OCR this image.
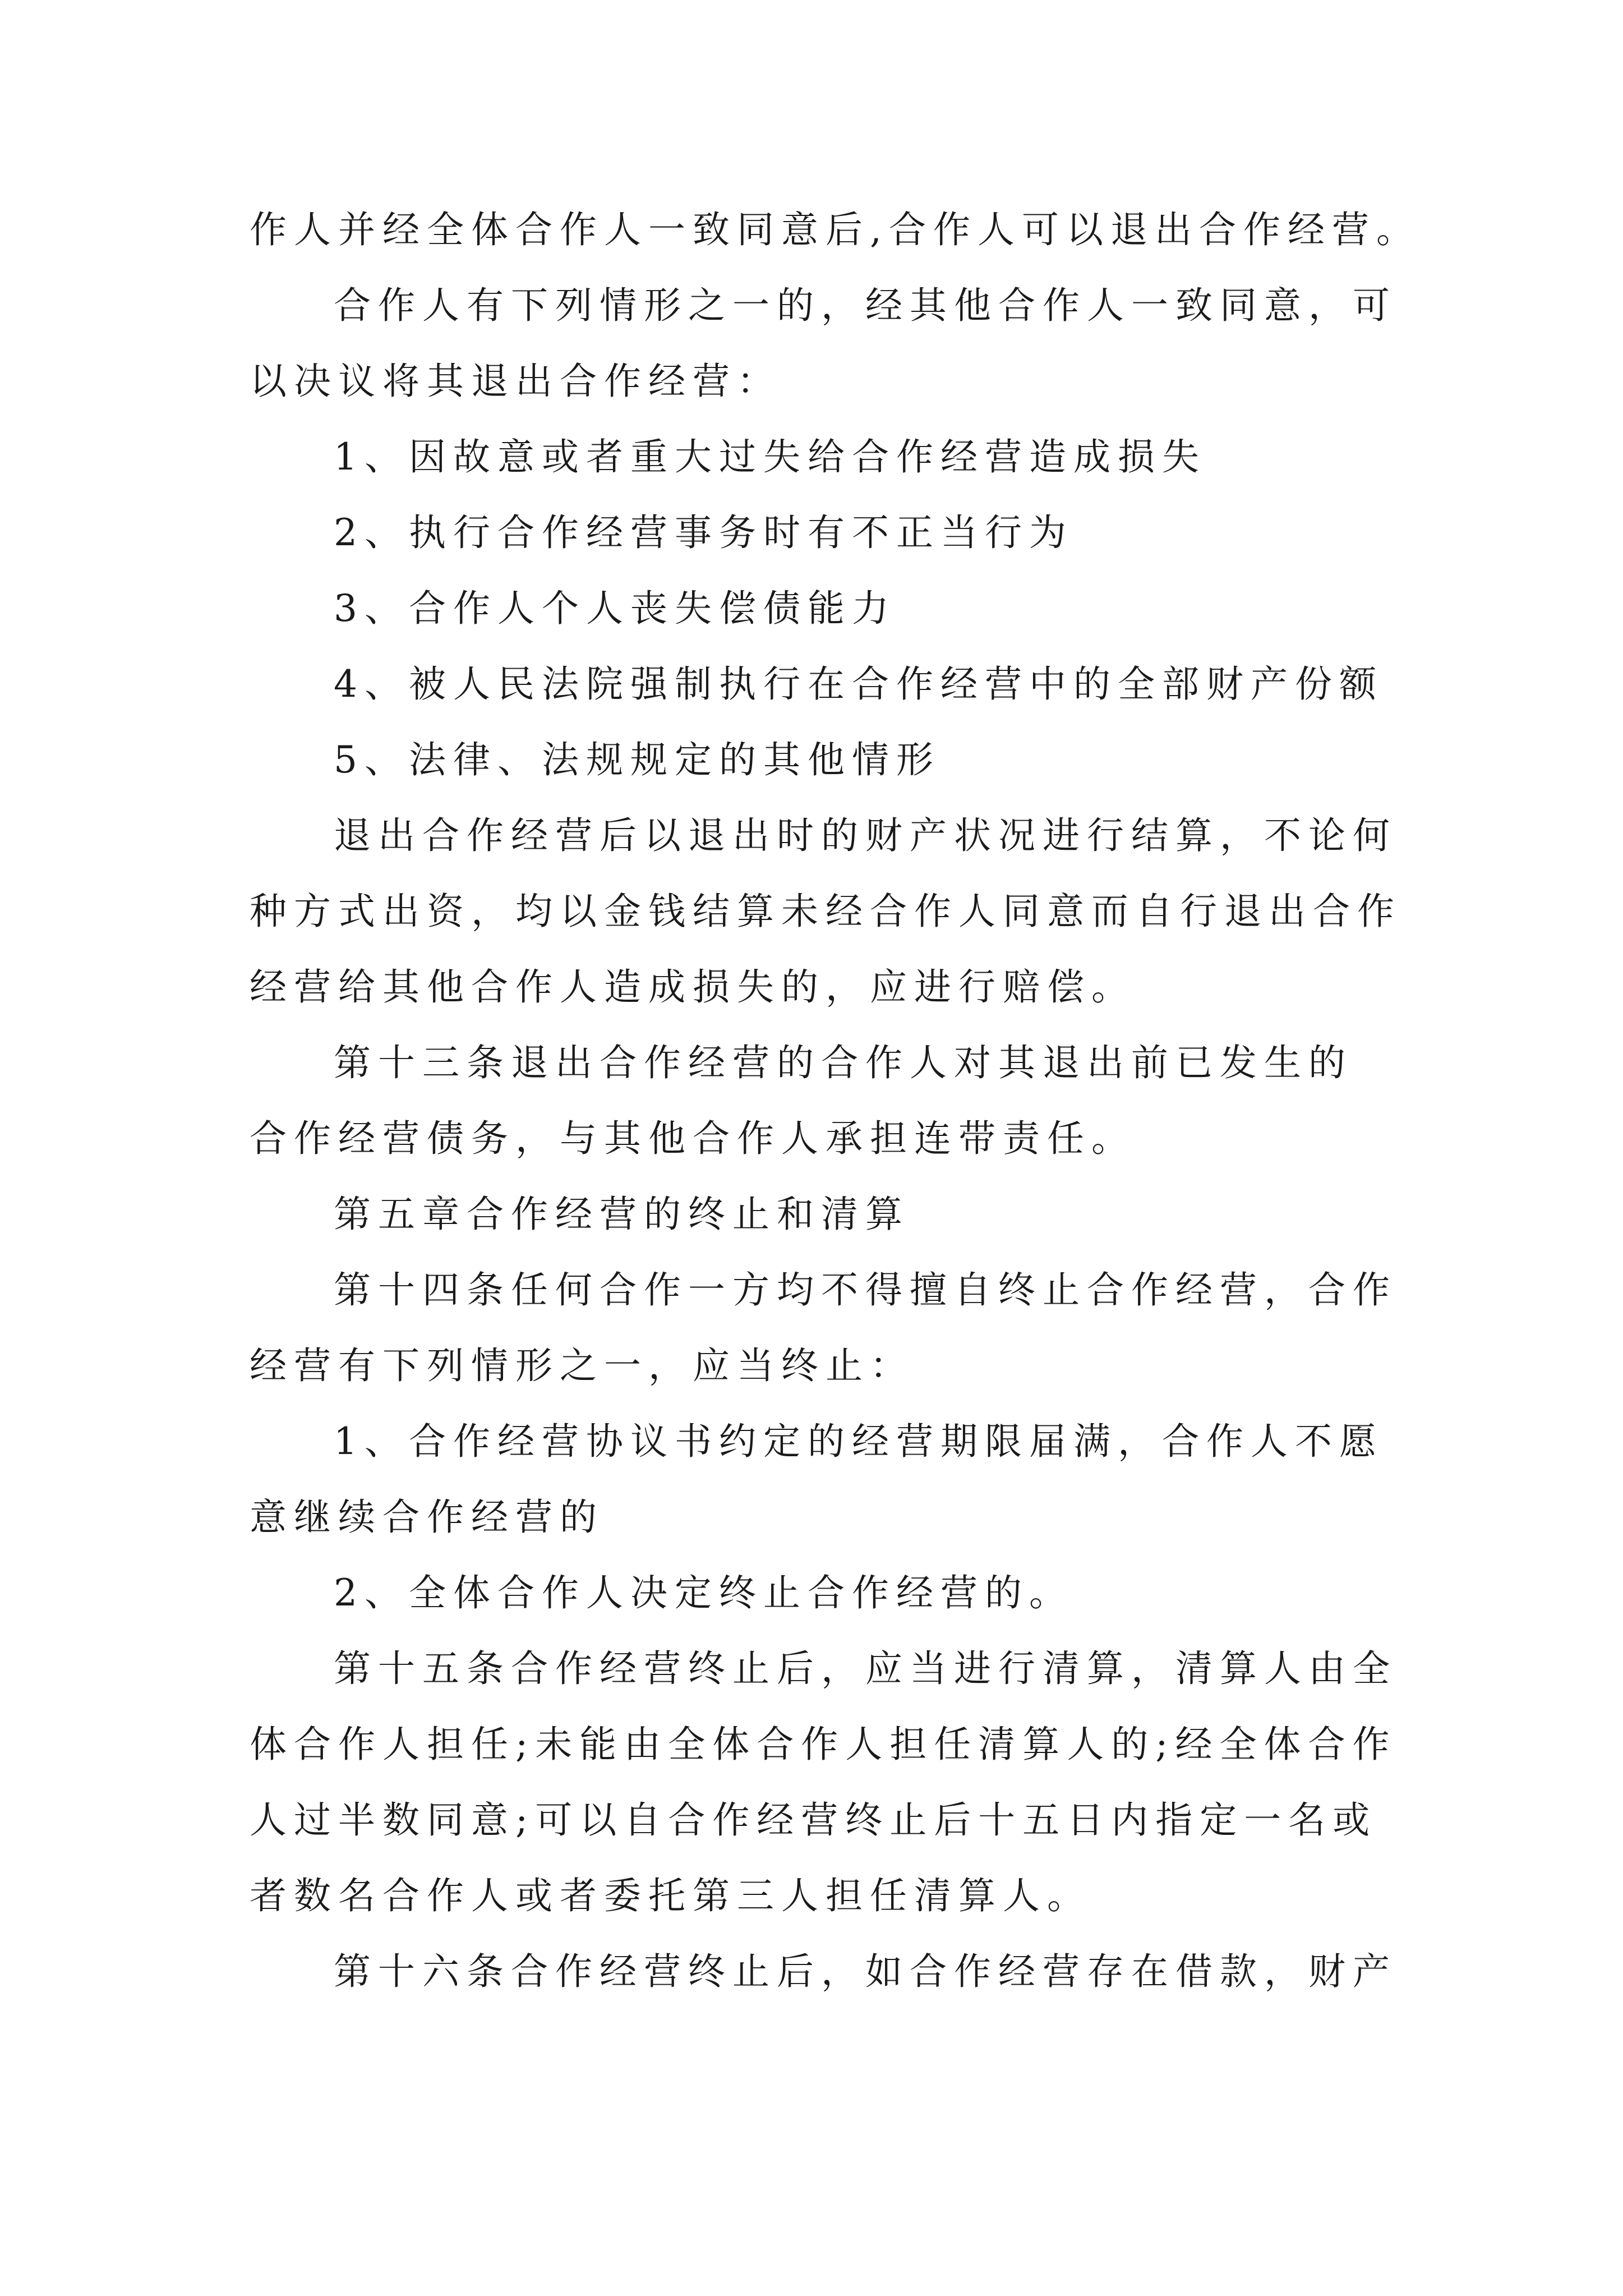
作人并经全体合作人一致同意后,合作人可以退出合作经营。
合作人有下列情形之一的，经其他合作人一致同意，可
以决议将其退出合作经营：
1、因故意或者重大过失给合作经营造成损失
2、执行合作经营事务时有不正当行为
3、合作人个人丧失偿债能力
4、被人民法院强制执行在合作经营中的全部财产份额
5、法律、法规规定的其他情形
退出合作经营后以退出时的财产状况进行结算，不论何
种方式出资，均以金钱结算未经合作人同意而自行退出合作
经营给其他合作人造成损失的，应进行赔偿。
第十三条退出合作经营的合作人对其退出前已发生的
合作经营债务，与其他合作人承担连带责任。
第五章合作经营的终止和清算
第十四条任何合作一方均不得擅自终止合作经营，合作
经营有下列情形之一，应当终止：
1、合作经营协议书约定的经营期限届满，合作人不愿
意继续合作经营的
2、全体合作人决定终止合作经营的。
第十五条合作经营终止后，应当进行清算，清算人由全
体合作人担任;未能由全体合作人担任清算人的;经全体合作
人过半数同意;可以自合作经营终止后十五日内指定一名或
者数名合作人或者委托第三人担任清算人。
第十六条合作经营终止后，如合作经营存在借款，财产
